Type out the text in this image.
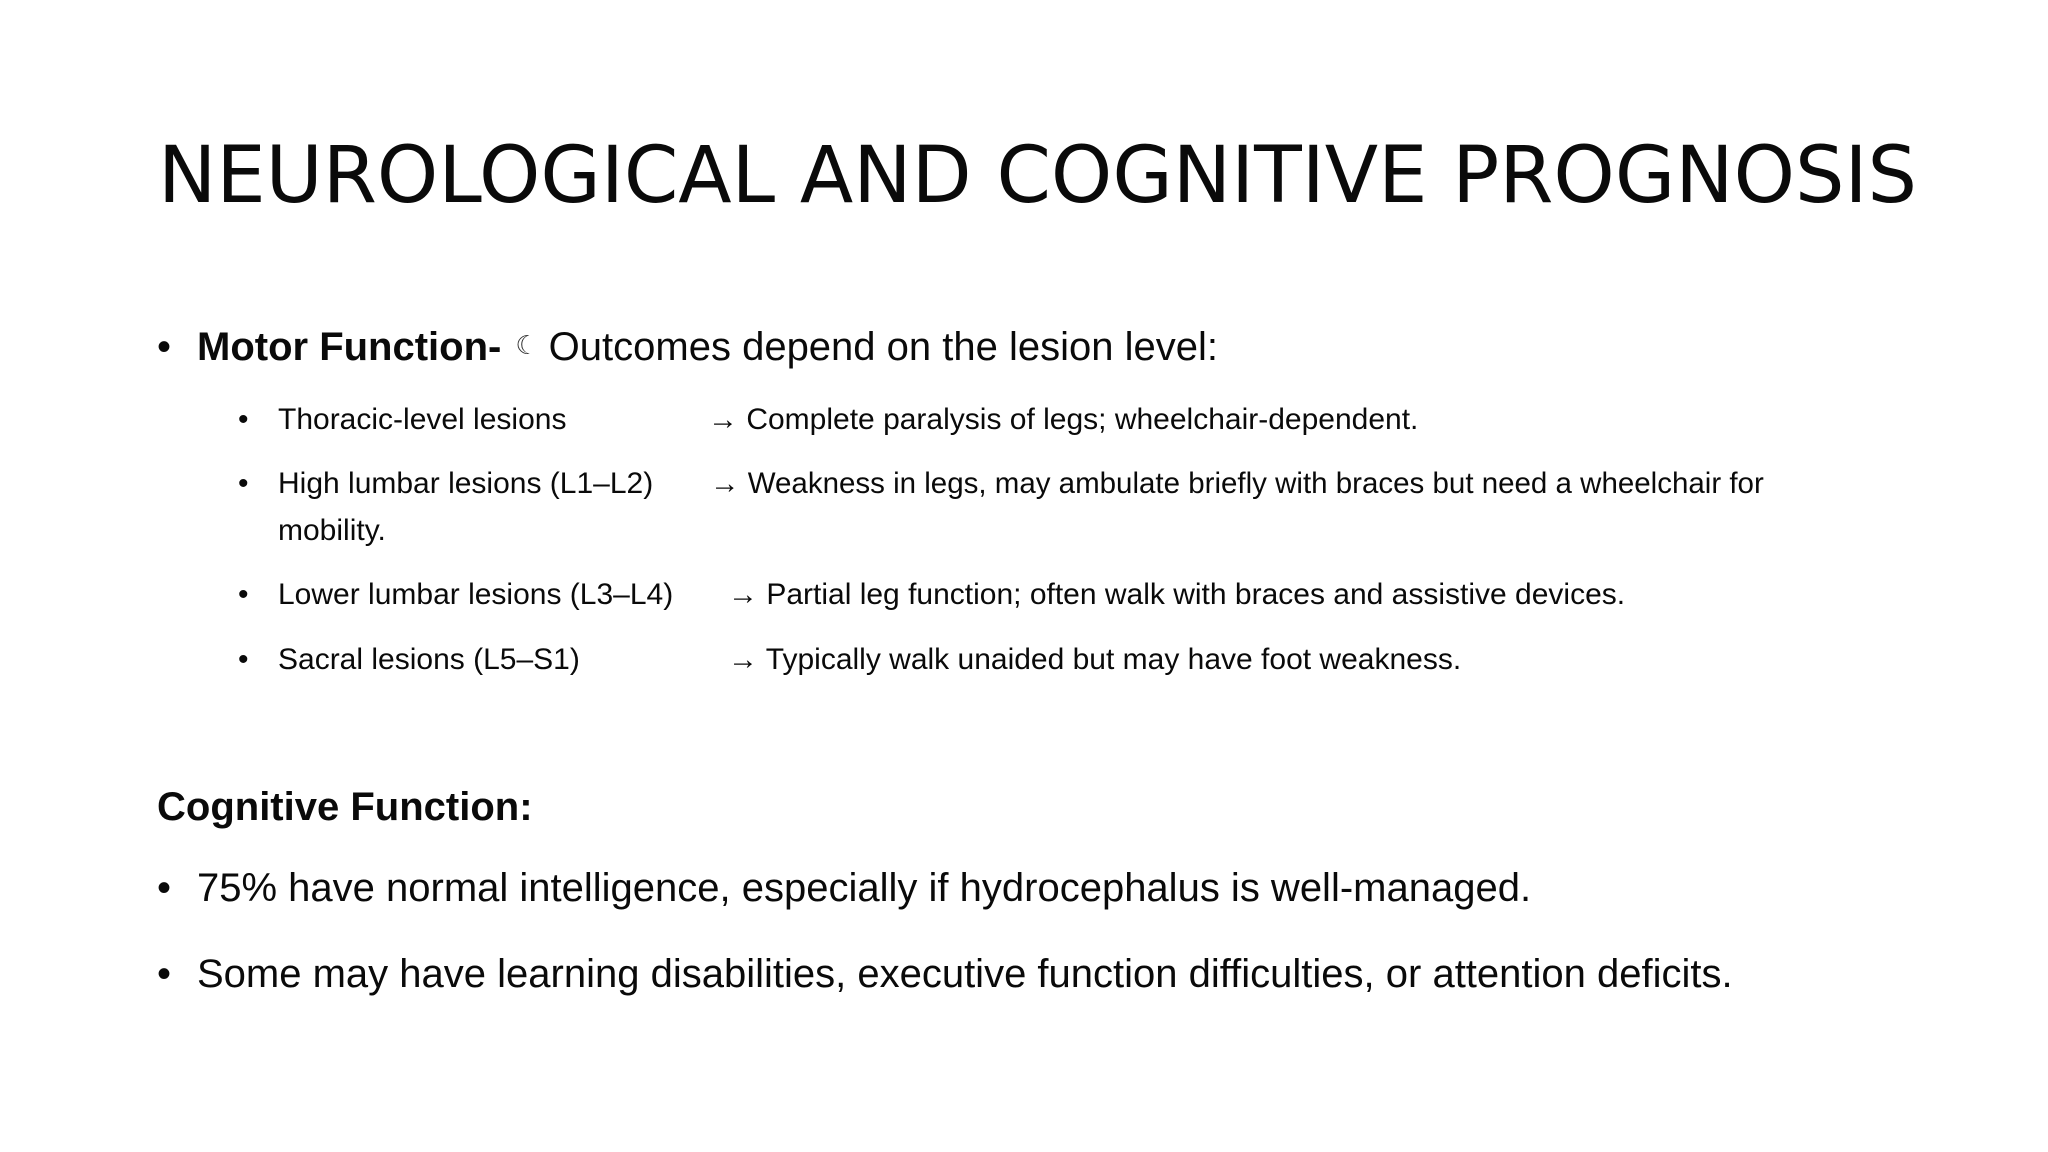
NEUROLOGICAL AND COGNITIVE PROGNOSIS
• Motor Function- ☾ Outcomes depend on the lesion level:
• Thoracic-level lesions	→ Complete paralysis of legs; wheelchair-dependent.
• High lumbar lesions (L1–L2)	→ Weakness in legs, may ambulate briefly with braces but need a wheelchair for
mobility.
• Lower lumbar lesions (L3–L4)	→ Partial leg function; often walk with braces and assistive devices.
• Sacral lesions (L5–S1)	→ Typically walk unaided but may have foot weakness.
Cognitive Function:
• 75% have normal intelligence, especially if hydrocephalus is well-managed.
• Some may have learning disabilities, executive function difficulties, or attention deficits.
